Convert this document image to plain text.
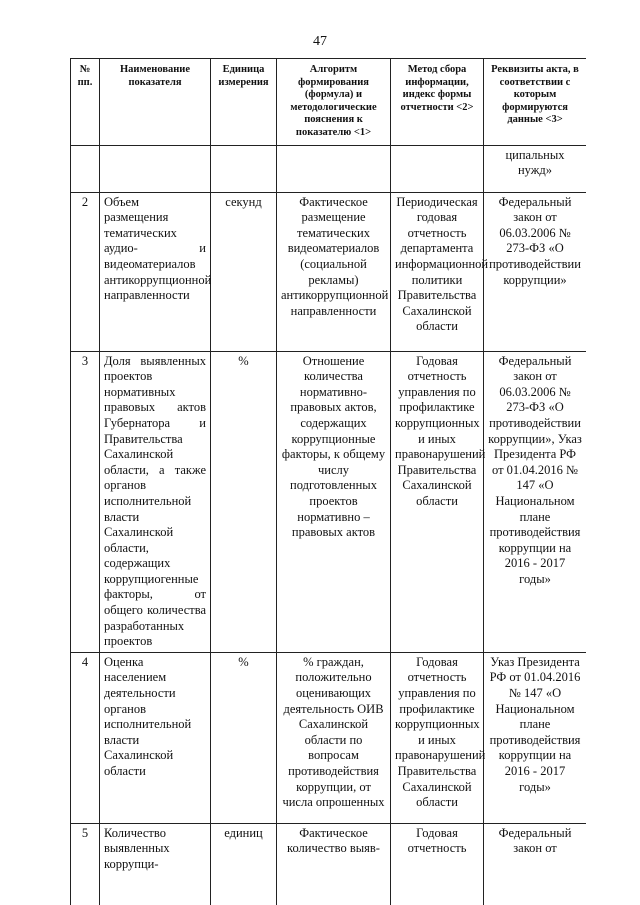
47
№ пп.	Наименование показателя	Единица измерения	Алгоритм формирования (формула) и методологические пояснения к показателю <1>	Метод сбора информации, индекс формы отчетности <2>	Реквизиты акта, в соответствии с которым формируются данные <3>
					ципальных нужд»
2	Объем размещения тематических аудио- и видеоматериалов антикоррупционной направленности	секунд	Фактическое размещение тематических видеоматериалов (социальной рекламы) антикоррупционной направленности	Периодическая годовая отчетность департамента информационной политики Правительства Сахалинской области	Федеральный закон от 06.03.2006 № 273-ФЗ «О противодействии коррупции»
3	Доля выявленных проектов нормативных правовых актов Губернатора и Правительства Сахалинской области, а также органов исполнительной власти Сахалинской области, содержащих коррупциогенные факторы, от общего количества разработанных проектов	%	Отношение количества нормативно-правовых актов, содержащих коррупционные факторы, к общему числу подготовленных проектов нормативно – правовых актов	Годовая отчетность управления по профилактике коррупционных и иных правонарушений Правительства Сахалинской области	Федеральный закон от 06.03.2006 № 273-ФЗ «О противодействии коррупции», Указ Президента РФ от 01.04.2016 № 147 «О Национальном плане противодействия коррупции на 2016 - 2017 годы»
4	Оценка населением деятельности органов исполнительной власти Сахалинской области	%	% граждан, положительно оценивающих деятельность ОИВ Сахалинской области по вопросам противодействия коррупции, от числа опрошенных	Годовая отчетность управления по профилактике коррупционных и иных правонарушений Правительства Сахалинской области	Указ Президента РФ от 01.04.2016 № 147 «О Национальном плане противодействия коррупции на 2016 - 2017 годы»
5	Количество выявленных коррупци-	единиц	Фактическое количество выяв-	Годовая отчетность	Федеральный закон от
